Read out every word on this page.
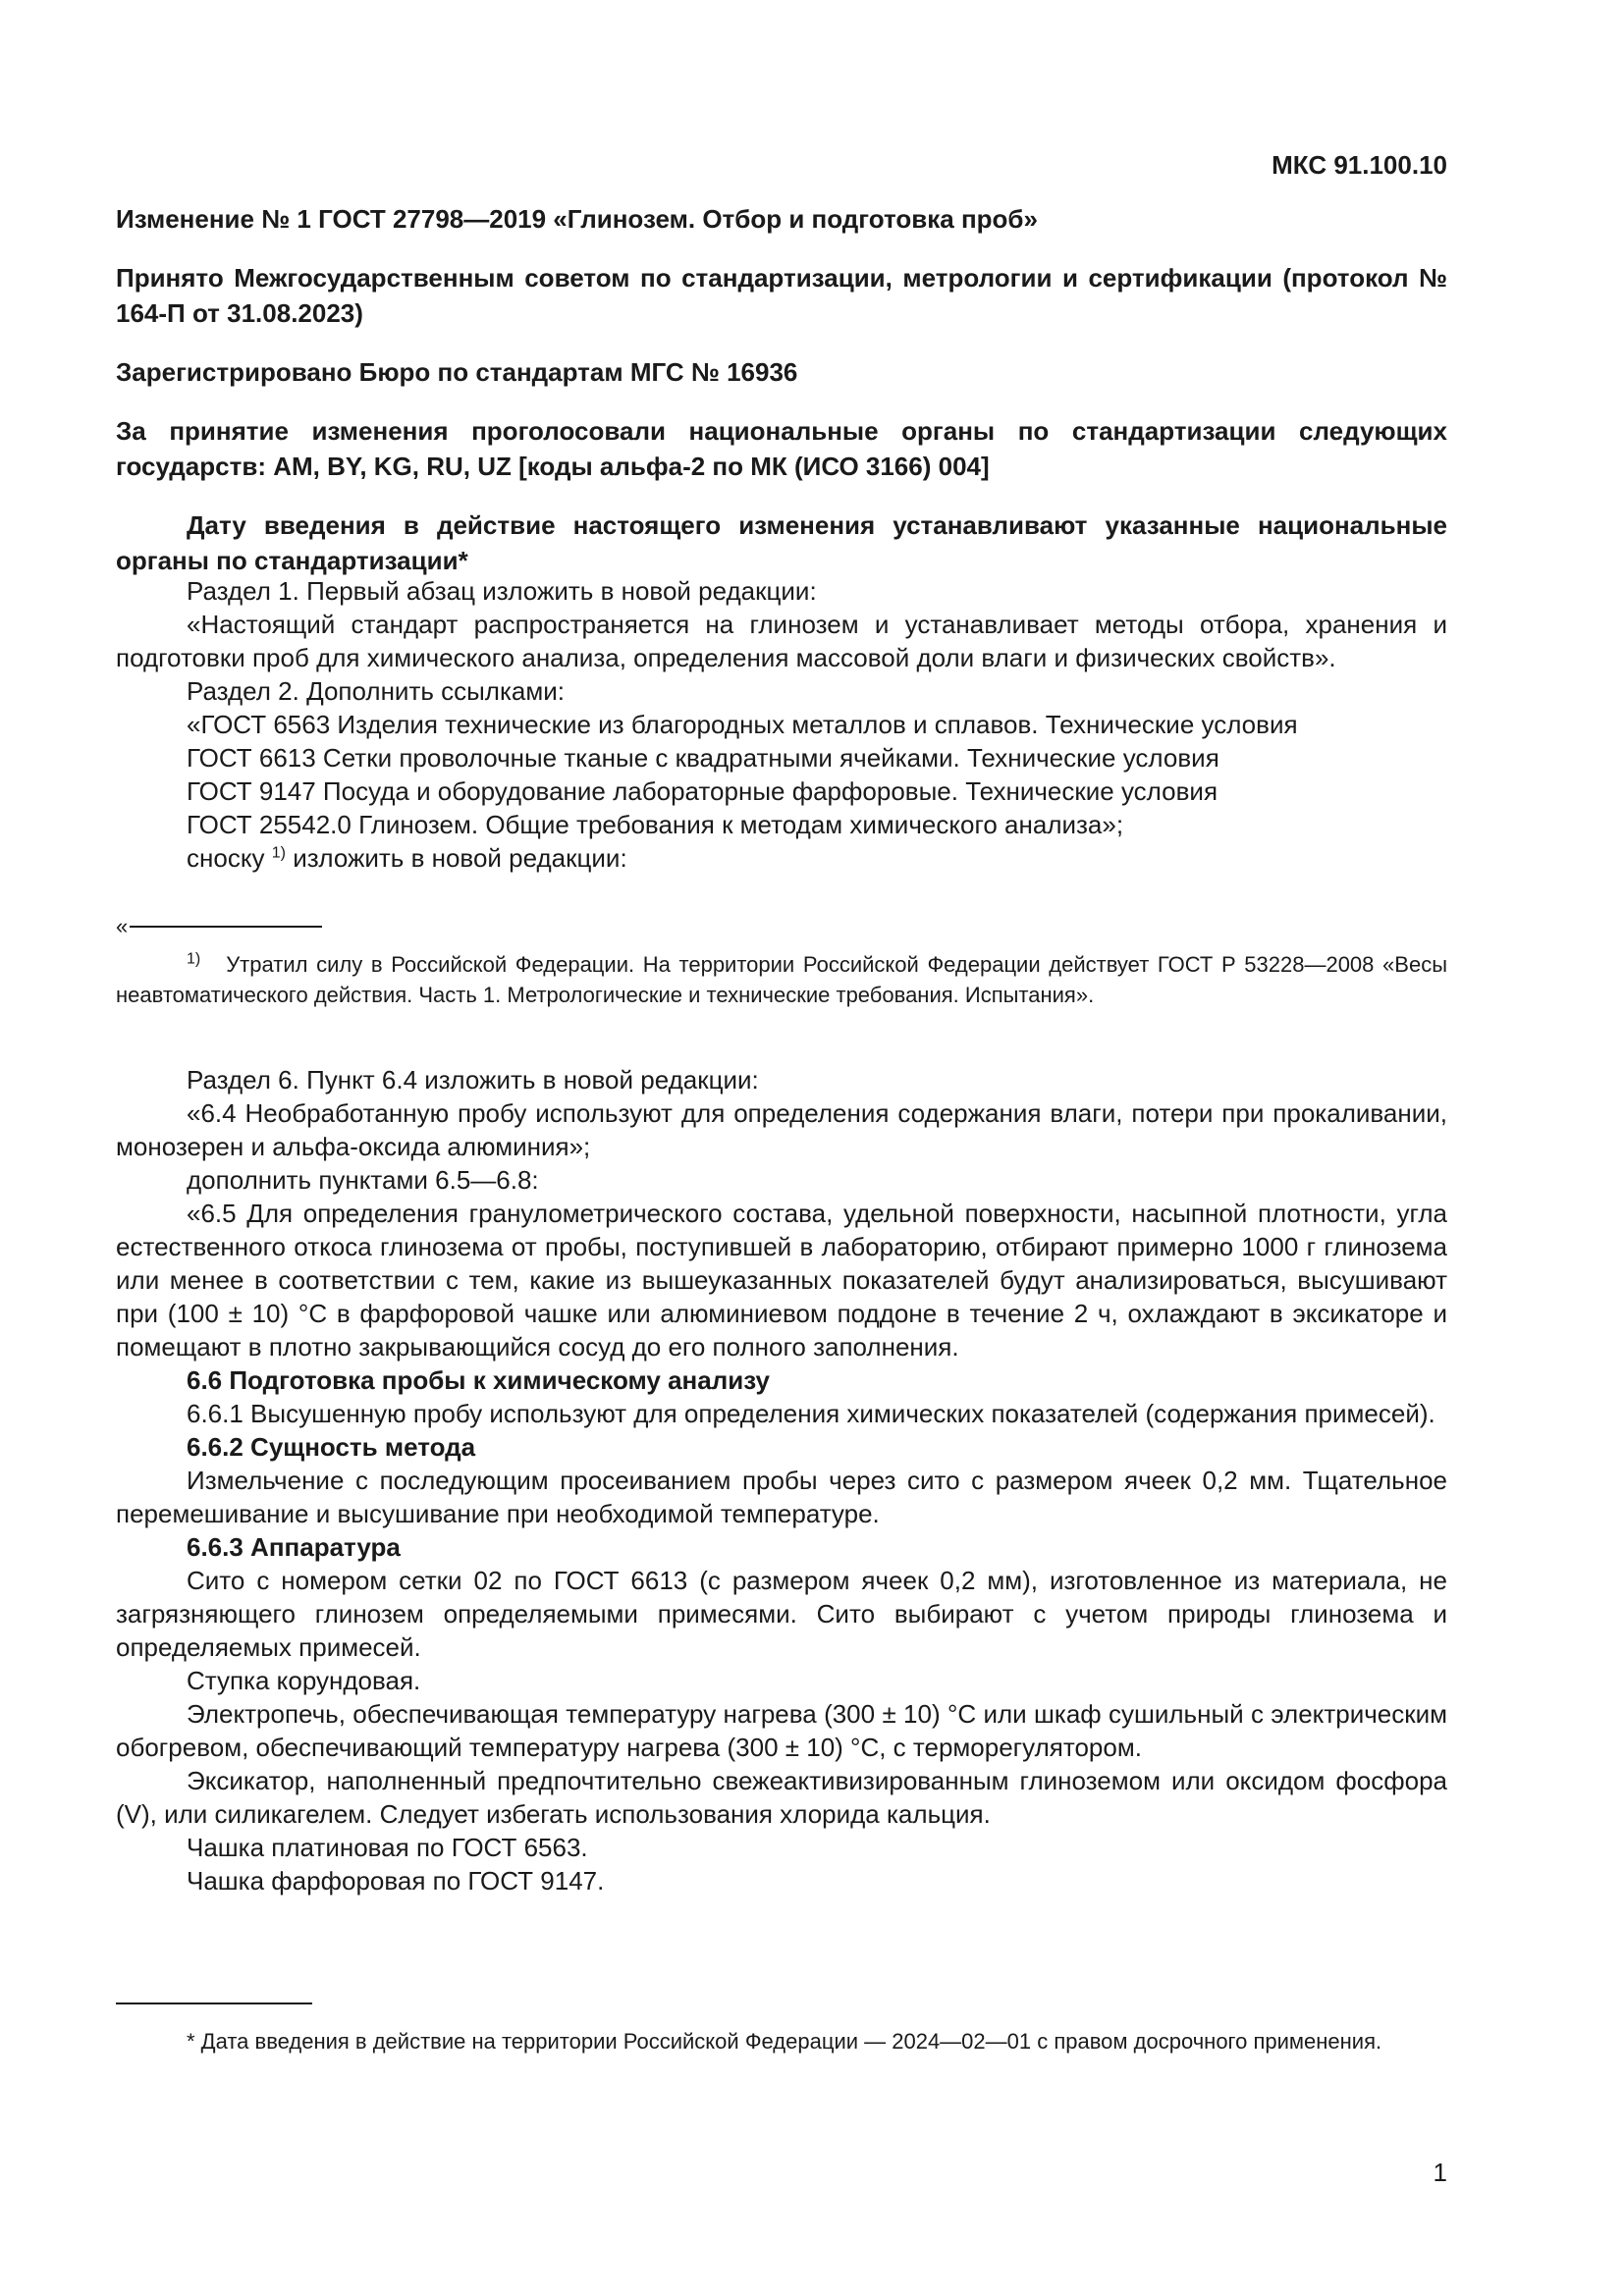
МКС 91.100.10

Изменение № 1 ГОСТ 27798—2019 «Глинозем. Отбор и подготовка проб»

Принято Межгосударственным советом по стандартизации, метрологии и сертификации (протокол № 164-П от 31.08.2023)

Зарегистрировано Бюро по стандартам МГС № 16936

За принятие изменения проголосовали национальные органы по стандартизации следующих государств: AM, BY, KG, RU, UZ [коды альфа-2 по МК (ИСО 3166) 004]

Дату введения в действие настоящего изменения устанавливают указанные национальные органы по стандартизации*

Раздел 1. Первый абзац изложить в новой редакции:

«Настоящий стандарт распространяется на глинозем и устанавливает методы отбора, хранения и подготовки проб для химического анализа, определения массовой доли влаги и физических свойств».

Раздел 2. Дополнить ссылками:

«ГОСТ 6563 Изделия технические из благородных металлов и сплавов. Технические условия

ГОСТ 6613 Сетки проволочные тканые с квадратными ячейками. Технические условия

ГОСТ 9147 Посуда и оборудование лабораторные фарфоровые. Технические условия

ГОСТ 25542.0 Глинозем. Общие требования к методам химического анализа»;

сноску $^{1)}$ изложить в новой редакции:

«

$^{1)}$ Утратил силу в Российской Федерации. На территории Российской Федерации действует ГОСТ Р 53228—2008 «Весы неавтоматического действия. Часть 1. Метрологические и технические требования. Испытания».

Раздел 6. Пункт 6.4 изложить в новой редакции:

«6.4 Необработанную пробу используют для определения содержания влаги, потери при прокаливании, монозерен и альфа-оксида алюминия»;

дополнить пунктами 6.5—6.8:

«6.5 Для определения гранулометрического состава, удельной поверхности, насыпной плотности, угла естественного откоса глинозема от пробы, поступившей в лабораторию, отбирают примерно 1000 г глинозема или менее в соответствии с тем, какие из вышеуказанных показателей будут анализироваться, высушивают при (100 ± 10) °С в фарфоровой чашке или алюминиевом поддоне в течение 2 ч, охлаждают в эксикаторе и помещают в плотно закрывающийся сосуд до его полного заполнения.

6.6 Подготовка пробы к химическому анализу

6.6.1 Высушенную пробу используют для определения химических показателей (содержания примесей).

6.6.2 Сущность метода

Измельчение с последующим просеиванием пробы через сито с размером ячеек 0,2 мм. Тщательное перемешивание и высушивание при необходимой температуре.

6.6.3 Аппаратура

Сито с номером сетки 02 по ГОСТ 6613 (с размером ячеек 0,2 мм), изготовленное из материала, не загрязняющего глинозем определяемыми примесями. Сито выбирают с учетом природы глинозема и определяемых примесей.

Ступка корундовая.

Электропечь, обеспечивающая температуру нагрева (300 ± 10) °С или шкаф сушильный с электрическим обогревом, обеспечивающий температуру нагрева (300 ± 10) °С, с терморегулятором.

Эксикатор, наполненный предпочтительно свежеактивизированным глиноземом или оксидом фосфора (V), или силикагелем. Следует избегать использования хлорида кальция.

Чашка платиновая по ГОСТ 6563.

Чашка фарфоровая по ГОСТ 9147.

* Дата введения в действие на территории Российской Федерации — 2024—02—01 с правом досрочного применения.

1
